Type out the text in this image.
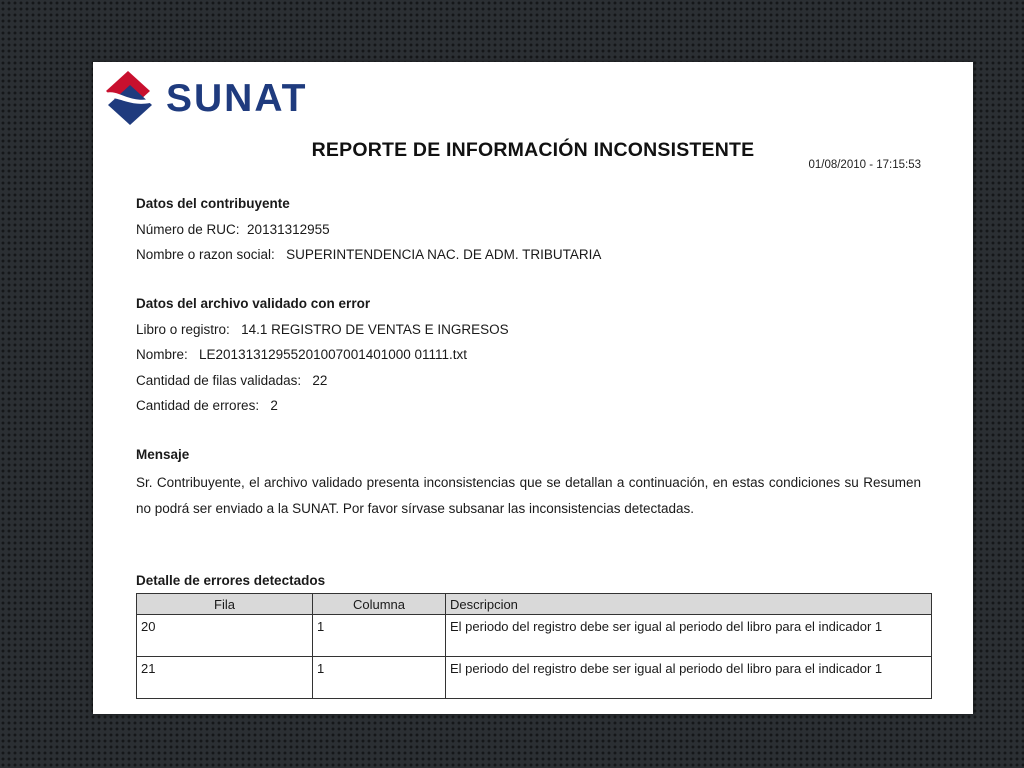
SUNAT
REPORTE DE INFORMACIÓN INCONSISTENTE
01/08/2010 - 17:15:53
Datos del contribuyente
Número de RUC: 20131312955
Nombre o razon social: SUPERINTENDENCIA NAC. DE ADM. TRIBUTARIA
Datos del archivo validado con error
Libro o registro: 14.1 REGISTRO DE VENTAS E INGRESOS
Nombre: LE20131312955201007001401000 01111.txt
Cantidad de filas validadas: 22
Cantidad de errores: 2
Mensaje
Sr. Contribuyente, el archivo validado presenta inconsistencias que se detallan a continuación, en estas condiciones su Resumen no podrá ser enviado a la SUNAT. Por favor sírvase subsanar las inconsistencias detectadas.
Detalle de errores detectados
Fila	Columna	Descripcion
20	1	El periodo del registro debe ser igual al periodo del libro para el indicador 1
21	1	El periodo del registro debe ser igual al periodo del libro para el indicador 1
